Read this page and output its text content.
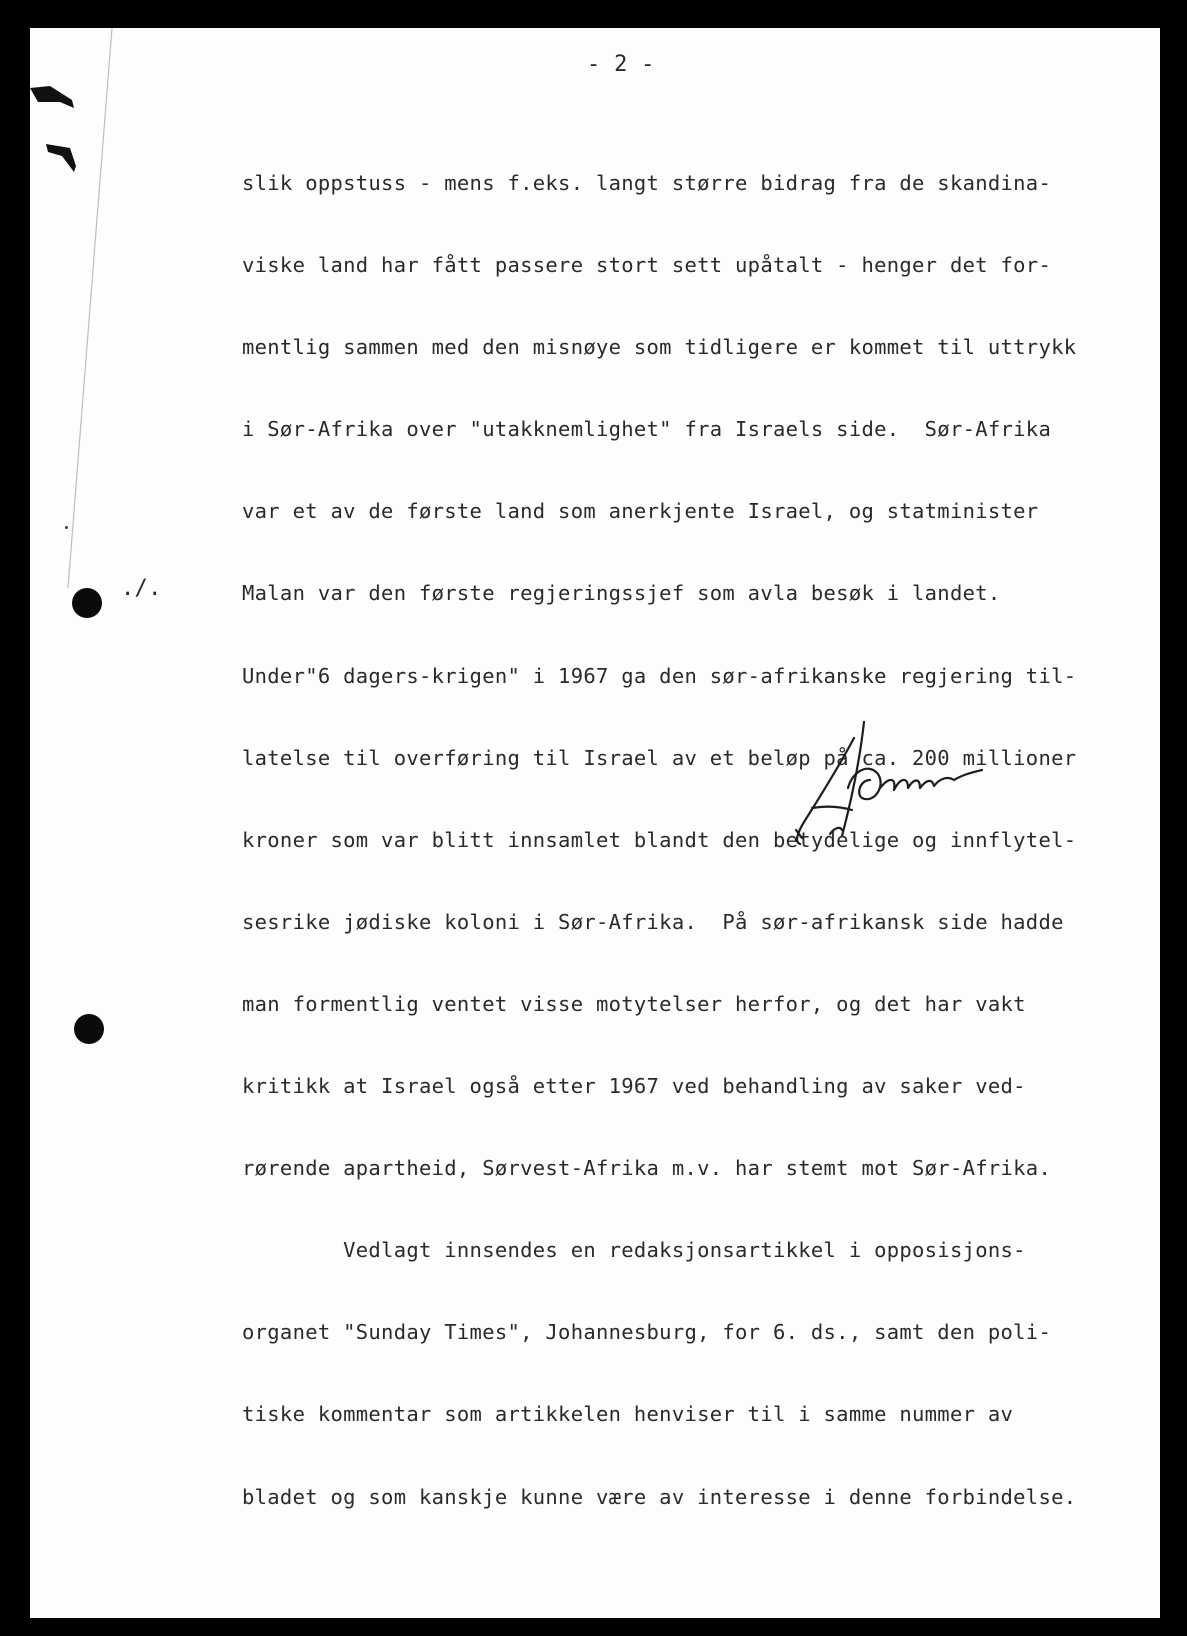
- 2 -

slik oppstuss - mens f.eks. langt større bidrag fra de skandina-

viske land har fått passere stort sett upåtalt - henger det for-

mentlig sammen med den misnøye som tidligere er kommet til uttrykk

i Sør-Afrika over "utakknemlighet" fra Israels side.  Sør-Afrika

var et av de første land som anerkjente Israel, og statminister

Malan var den første regjeringssjef som avla besøk i landet.

Under"6 dagers-krigen" i 1967 ga den sør-afrikanske regjering til-

latelse til overføring til Israel av et beløp på ca. 200 millioner

kroner som var blitt innsamlet blandt den betydelige og innflytel-

sesrike jødiske koloni i Sør-Afrika.  På sør-afrikansk side hadde

man formentlig ventet visse motytelser herfor, og det har vakt

kritikk at Israel også etter 1967 ved behandling av saker ved-

rørende apartheid, Sørvest-Afrika m.v. har stemt mot Sør-Afrika.

Vedlagt innsendes en redaksjonsartikkel i opposisjons-

organet "Sunday Times", Johannesburg, for 6. ds., samt den poli-

tiske kommentar som artikkelen henviser til i samme nummer av

bladet og som kanskje kunne være av interesse i denne forbindelse.

./.
